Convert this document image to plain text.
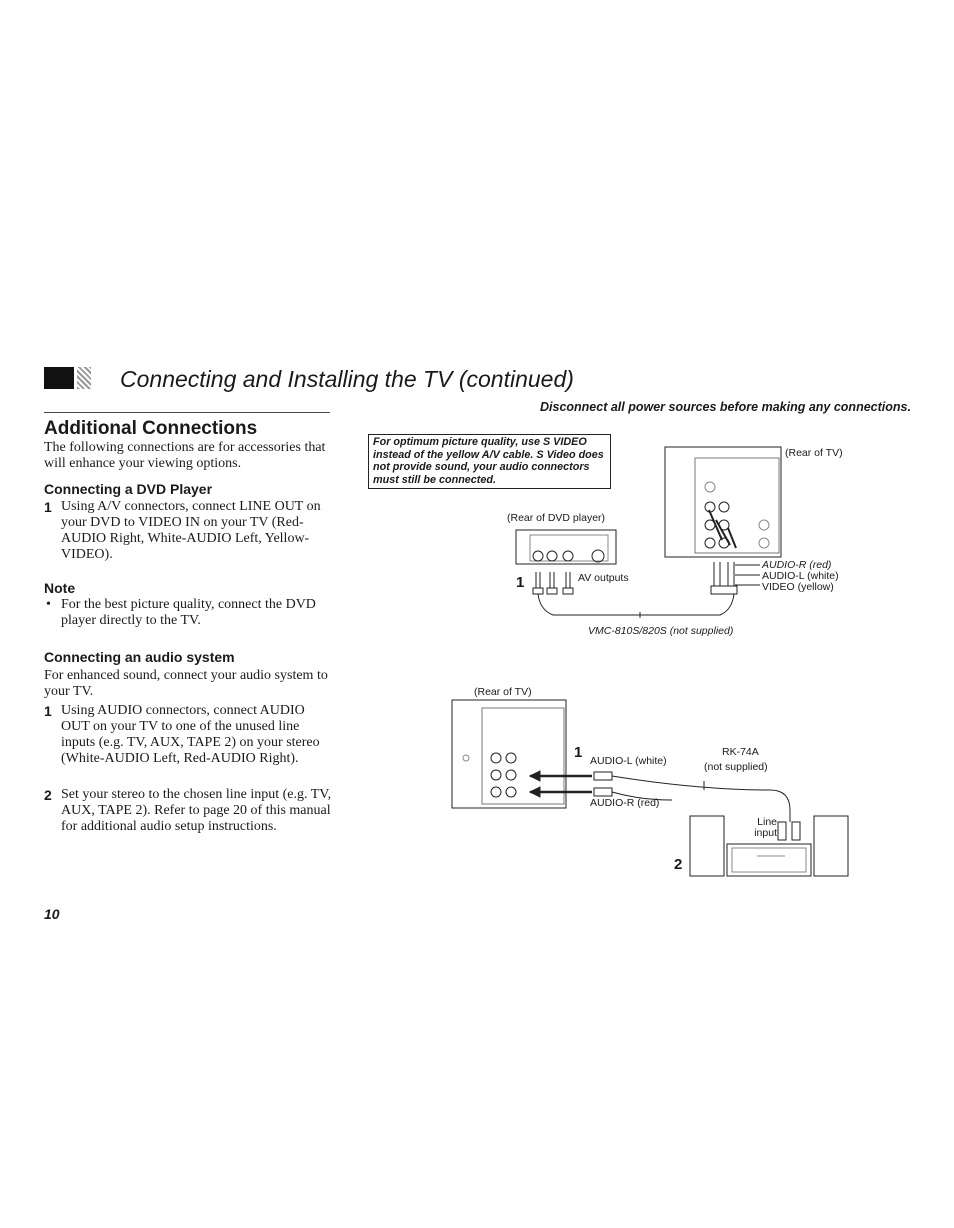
Connecting and Installing the TV (continued)
Disconnect all power sources before making any connections.
Additional Connections
The following connections are for accessories that will enhance your viewing options.
Connecting a DVD Player
1 Using A/V connectors, connect LINE OUT on your DVD to VIDEO IN on your TV (Red-AUDIO Right, White-AUDIO Left, Yellow-VIDEO).
Note
• For the best picture quality, connect the DVD player directly to the TV.
Connecting an audio system
For enhanced sound, connect your audio system to your TV.
1 Using AUDIO connectors, connect AUDIO OUT on your TV to one of the unused line inputs (e.g. TV, AUX, TAPE 2) on your stereo (White-AUDIO Left, Red-AUDIO Right).
2 Set your stereo to the chosen line input (e.g. TV, AUX, TAPE 2). Refer to page 20 of this manual for additional audio setup instructions.
10
For optimum picture quality, use S VIDEO instead of the yellow A/V cable. S Video does not provide sound, your audio connectors must still be connected.
(Rear of TV)
(Rear of DVD player)
1	AV outputs
AUDIO-R (red)
AUDIO-L (white)
VIDEO (yellow)
VMC-810S/820S (not supplied)
(Rear of TV)
1 AUDIO-L (white)
RK-74A
(not supplied)
AUDIO-R (red)
Line input
2
